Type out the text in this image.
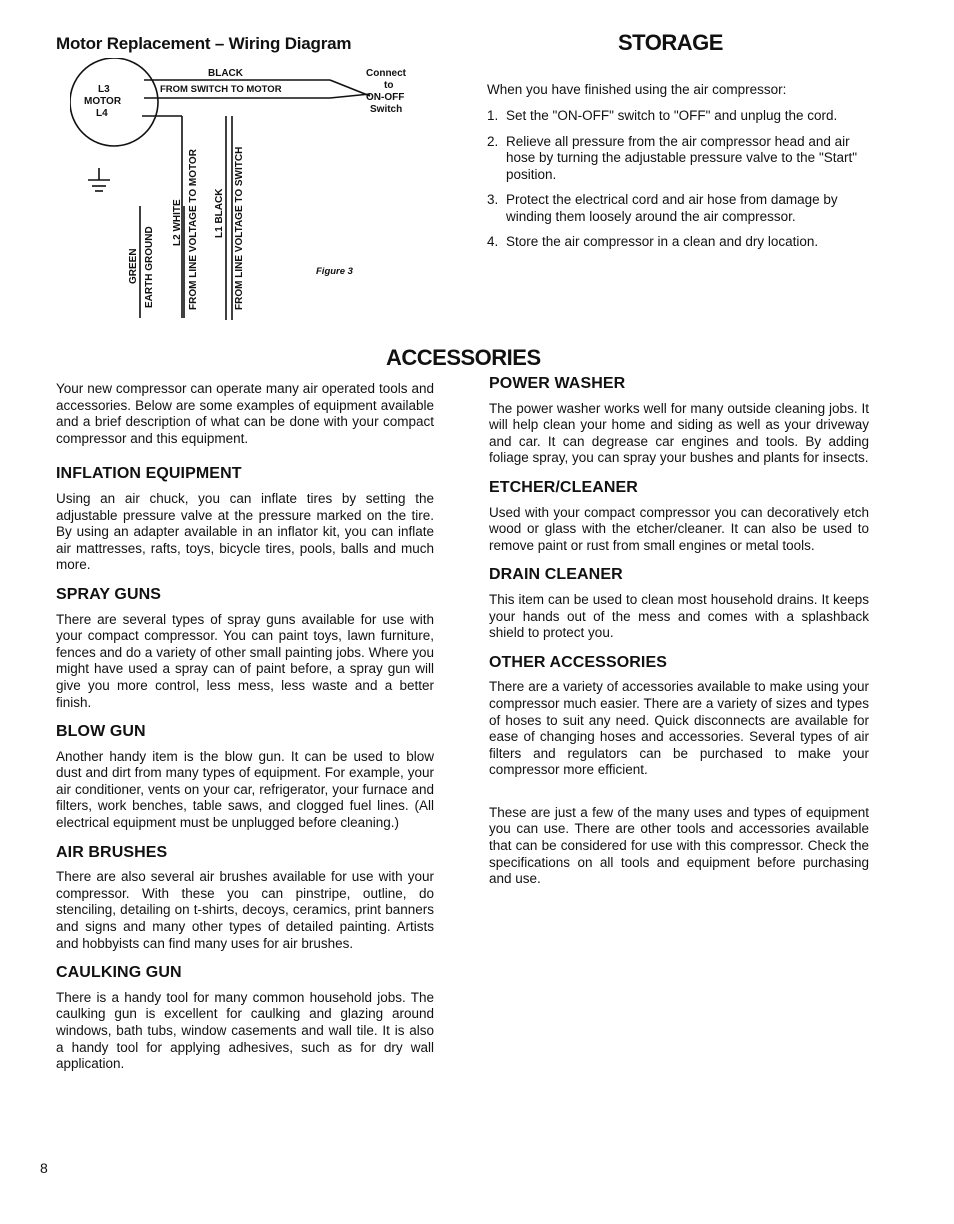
Motor Replacement – Wiring Diagram
L3
MOTOR
L4
BLACK
FROM SWITCH TO MOTOR
Connect
to
ON-OFF
Switch
GREEN EARTH GROUND
L2 WHITE FROM LINE VOLTAGE TO MOTOR L1 BLACK FROM LINE VOLTAGE TO SWITCH	Figure 3
STORAGE
When you have finished using the air compressor:
1. Set the "ON-OFF" switch to "OFF" and unplug the cord.
2. Relieve all pressure from the air compressor head and air hose by turning the adjustable pressure valve to the "Start" position.
3. Protect the electrical cord and air hose from damage by winding them loosely around the air compressor.
4. Store the air compressor in a clean and dry location.
ACCESSORIES

Your new compressor can operate many air operated tools and accessories. Below are some examples of equipment available and a brief description of what can be done with your compact compressor and this equipment.

INFLATION EQUIPMENT

Using an air chuck, you can inflate tires by setting the adjustable pressure valve at the pressure marked on the tire. By using an adapter available in an inflator kit, you can inflate air mattresses, rafts, toys, bicycle tires, pools, balls and much more.

SPRAY GUNS

There are several types of spray guns available for use with your compact compressor. You can paint toys, lawn furniture, fences and do a variety of other small painting jobs. Where you might have used a spray can of paint before, a spray gun will give you more control, less mess, less waste and a better finish.

BLOW GUN

Another handy item is the blow gun. It can be used to blow dust and dirt from many types of equipment. For example, your air conditioner, vents on your car, refrigerator, your furnace and filters, work benches, table saws, and clogged fuel lines. (All electrical equipment must be unplugged before cleaning.)

AIR BRUSHES

There are also several air brushes available for use with your compressor. With these you can pinstripe, outline, do stenciling, detailing on t-shirts, decoys, ceramics, print banners and signs and many other types of detailed painting. Artists and hobbyists can find many uses for air brushes.

CAULKING GUN

There is a handy tool for many common household jobs. The caulking gun is excellent for caulking and glazing around windows, bath tubs, window casements and wall tile. It is also a handy tool for applying adhesives, such as for dry wall application.

POWER WASHER

The power washer works well for many outside cleaning jobs. It will help clean your home and siding as well as your driveway and car. It can degrease car engines and tools. By adding foliage spray, you can spray your bushes and plants for insects.

ETCHER/CLEANER

Used with your compact compressor you can decoratively etch wood or glass with the etcher/cleaner. It can also be used to remove paint or rust from small engines or metal tools.

DRAIN CLEANER

This item can be used to clean most household drains. It keeps your hands out of the mess and comes with a splashback shield to protect you.

OTHER ACCESSORIES

There are a variety of accessories available to make using your compressor much easier. There are a variety of sizes and types of hoses to suit any need. Quick disconnects are available for ease of changing hoses and accessories. Several types of air filters and regulators can be purchased to make your compressor more efficient.

These are just a few of the many uses and types of equipment you can use. There are other tools and accessories available that can be considered for use with this compressor. Check the specifications on all tools and equipment before purchasing and use.

8
